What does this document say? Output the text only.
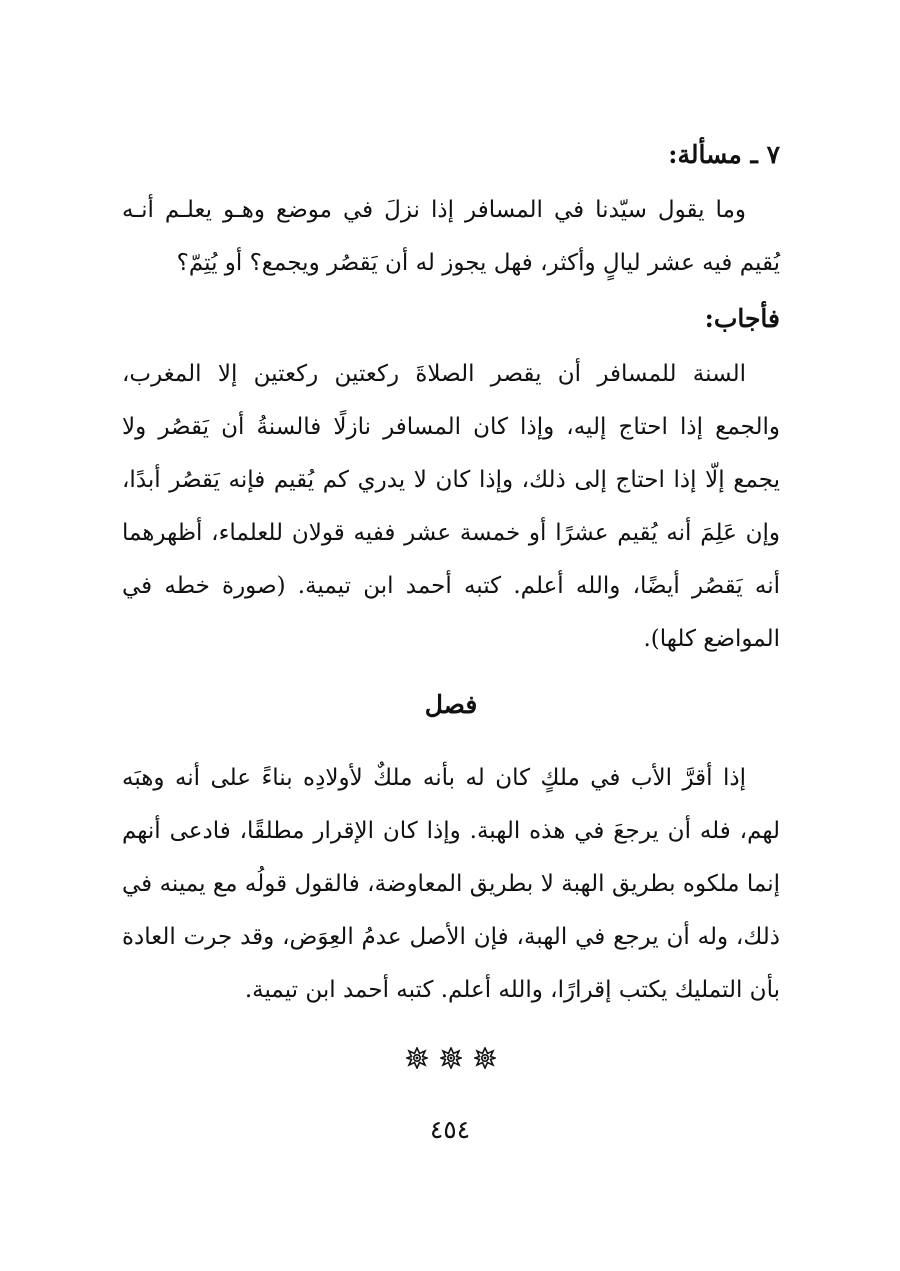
٧ ـ مسألة:

وما يقول سيّدنا في المسافر إذا نزلَ في موضع وهـو يعلـم أنـه يُقيم فيه عشر ليالٍ وأكثر، فهل يجوز له أن يَقصُر ويجمع؟ أو يُتِمّ؟

فأجاب:

السنة للمسافر أن يقصر الصلاةَ ركعتين ركعتين إلا المغرب، والجمع إذا احتاج إليه، وإذا كان المسافر نازلًا فالسنةُ أن يَقصُر ولا يجمع إلّا إذا احتاج إلى ذلك، وإذا كان لا يدري كم يُقيم فإنه يَقصُر أبدًا، وإن عَلِمَ أنه يُقيم عشرًا أو خمسة عشر ففيه قولان للعلماء، أظهرهما أنه يَقصُر أيضًا، والله أعلم. كتبه أحمد ابن تيمية. (صورة خطه في المواضع كلها).

فصل

إذا أقرَّ الأب في ملكٍ كان له بأنه ملكٌ لأولادِه بناءً على أنه وهبَه لهم، فله أن يرجعَ في هذه الهبة. وإذا كان الإقرار مطلقًا، فادعى أنهم إنما ملكوه بطريق الهبة لا بطريق المعاوضة، فالقول قولُه مع يمينه في ذلك، وله أن يرجع في الهبة، فإن الأصل عدمُ العِوَض، وقد جرت العادة بأن التمليك يكتب إقرارًا، والله أعلم. كتبه أحمد ابن تيمية.

٤٥٤
